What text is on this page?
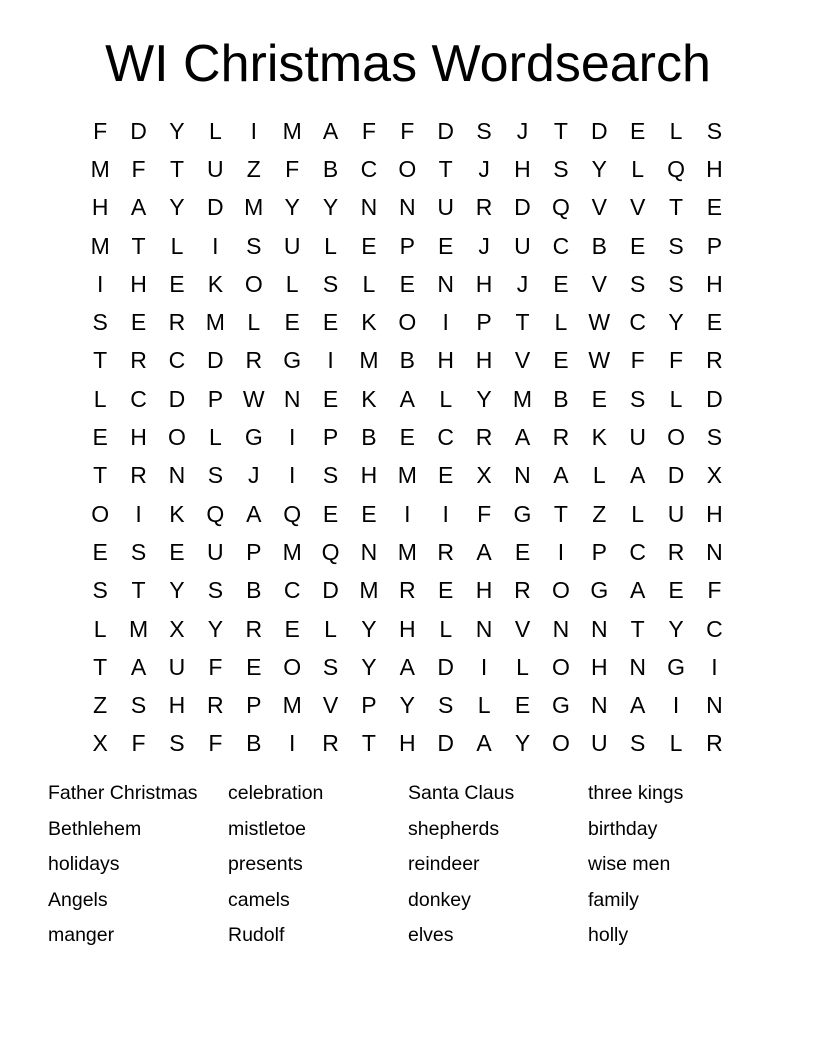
WI Christmas Wordsearch
F	D Y	L	I	M A	F	F	D S	J	T	D E	L	S
M F	T	U	Z	F	B C O T	J	H S	Y	L	Q H
H A	Y D M Y	Y N N U R D Q V	V	T	E
M T	L	I	S U	L	E	P	E	J	U C B	E	S	P
I	H E	K O	L	S	L	E N H	J	E	V	S	S H
S	E R M L	E	E	K O	I	P	T	L W C Y	E
T	R C D R G	I	M B H H V	E W F	F	R
L	C D P W N E	K	A	L	Y M B	E	S	L	D
E H O	L	G	I	P	B	E C R A R K U O S
T	R N S	J	I	S H M E	X N A	L	A D X
O	I	K Q A Q E	E	I	I	F G T	Z	L	U H
E	S	E U P M Q N M R A	E	I	P C R N
S	T	Y	S	B C D M R E H R O G A	E	F
L M X	Y R E	L	Y H	L	N V N N	T	Y C
T	A U	F	E O S	Y	A D	I	L	O H N G	I
Z	S H R P M V	P	Y	S	L	E G N A	I	N
X	F	S	F	B	I	R	T	H D A	Y O U S	L	R
Father Christmas	celebration	Santa Claus	three kings
Bethlehem	mistletoe	shepherds	birthday
holidays	presents	reindeer	wise men
Angels	camels	donkey	family
manger	Rudolf	elves	holly
